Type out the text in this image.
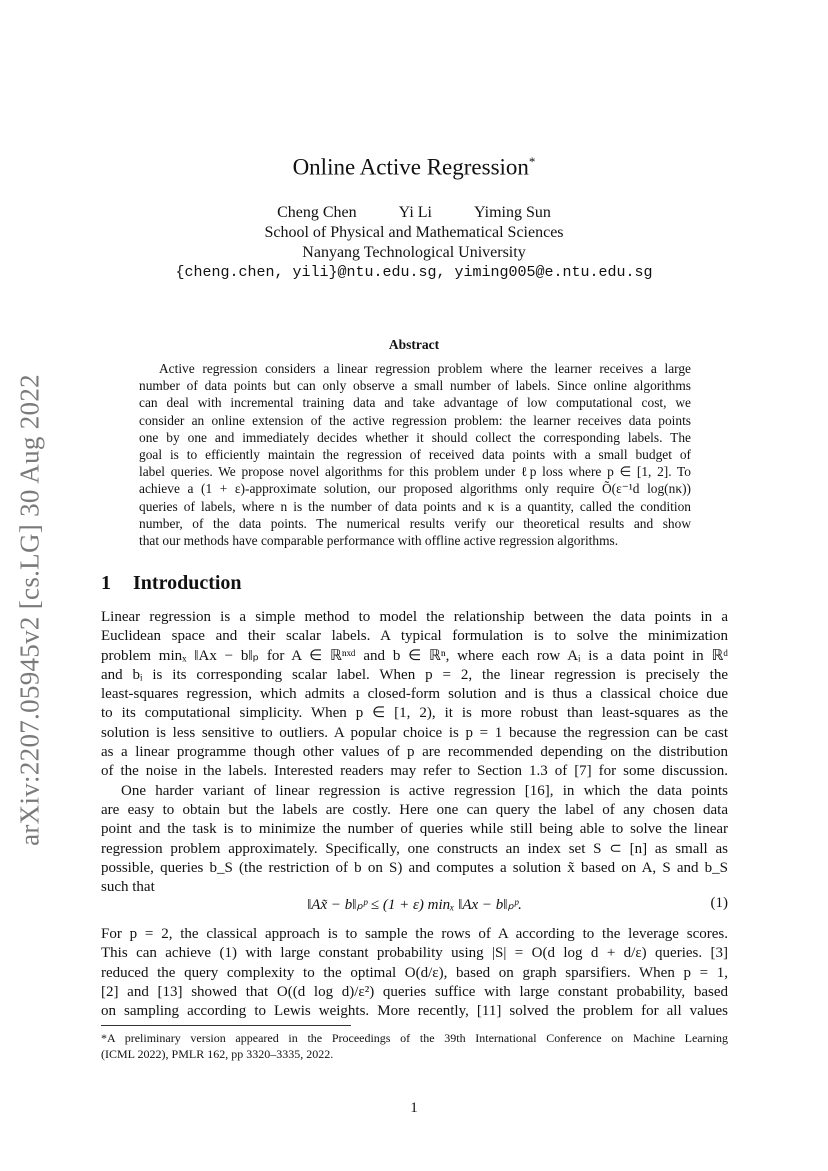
arXiv:2207.05945v2 [cs.LG] 30 Aug 2022
Online Active Regression*
Cheng Chen	Yi Li	Yiming Sun
School of Physical and Mathematical Sciences
Nanyang Technological University
{cheng.chen, yili}@ntu.edu.sg, yiming005@e.ntu.edu.sg
Abstract
Active regression considers a linear regression problem where the learner receives a large
number of data points but can only observe a small number of labels. Since online algorithms
can deal with incremental training data and take advantage of low computational cost, we
consider an online extension of the active regression problem: the learner receives data points
one by one and immediately decides whether it should collect the corresponding labels. The
goal is to efficiently maintain the regression of received data points with a small budget of
label queries. We propose novel algorithms for this problem under ℓp loss where p ∈ [1, 2]. To
achieve a (1 + ε)-approximate solution, our proposed algorithms only require Õ(ε⁻¹d log(nκ))
queries of labels, where n is the number of data points and κ is a quantity, called the condition
number, of the data points. The numerical results verify our theoretical results and show
that our methods have comparable performance with offline active regression algorithms.
1 Introduction
Linear regression is a simple method to model the relationship between the data points in a
Euclidean space and their scalar labels. A typical formulation is to solve the minimization
problem minₓ ‖Ax − b‖ₚ for A ∈ ℝⁿˣᵈ and b ∈ ℝⁿ, where each row Aᵢ is a data point in ℝᵈ
and bᵢ is its corresponding scalar label. When p = 2, the linear regression is precisely the
least-squares regression, which admits a closed-form solution and is thus a classical choice due
to its computational simplicity. When p ∈ [1, 2), it is more robust than least-squares as the
solution is less sensitive to outliers. A popular choice is p = 1 because the regression can be cast
as a linear programme though other values of p are recommended depending on the distribution
of the noise in the labels. Interested readers may refer to Section 1.3 of [7] for some discussion.
One harder variant of linear regression is active regression [16], in which the data points
are easy to obtain but the labels are costly. Here one can query the label of any chosen data
point and the task is to minimize the number of queries while still being able to solve the linear
regression problem approximately. Specifically, one constructs an index set S ⊂ [n] as small as
possible, queries b_S (the restriction of b on S) and computes a solution x̃ based on A, S and b_S
such that
‖Ax̃ − b‖ₚᵖ ≤ (1 + ε) minₓ ‖Ax − b‖ₚᵖ.	(1)
For p = 2, the classical approach is to sample the rows of A according to the leverage scores.
This can achieve (1) with large constant probability using |S| = O(d log d + d/ε) queries. [3]
reduced the query complexity to the optimal O(d/ε), based on graph sparsifiers. When p = 1,
[2] and [13] showed that O((d log d)/ε²) queries suffice with large constant probability, based
on sampling according to Lewis weights. More recently, [11] solved the problem for all values
*A preliminary version appeared in the Proceedings of the 39th International Conference on Machine Learning
(ICML 2022), PMLR 162, pp 3320–3335, 2022.
1
